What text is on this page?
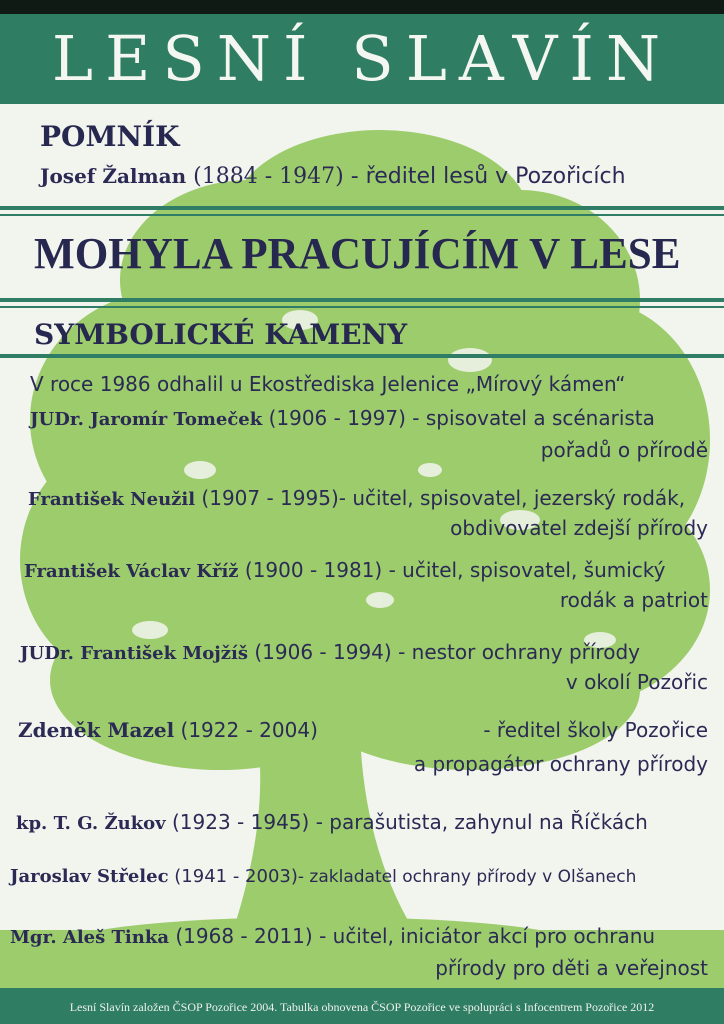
LESNÍ SLAVÍN
POMNÍK
Josef Žalman (1884 - 1947) - ředitel lesů v Pozořicích
MOHYLA PRACUJÍCÍM V LESE
SYMBOLICKÉ KAMENY
V roce 1986 odhalil u Ekostřediska Jelenice „Mírový kámen“
JUDr. Jaromír Tomeček (1906 - 1997) - spisovatel a scénarista
pořadů o přírodě
František Neužil (1907 - 1995)- učitel, spisovatel, jezerský rodák,
obdivovatel zdejší přírody
František Václav Kříž (1900 - 1981) - učitel, spisovatel, šumický
rodák a patriot
JUDr. František Mojžíš (1906 - 1994) - nestor ochrany přírody
v okolí Pozořic
Zdeněk Mazel (1922 - 2004)	- ředitel školy Pozořice
a propagátor ochrany přírody
kp. T. G. Žukov (1923 - 1945) - parašutista, zahynul na Říčkách
Jaroslav Střelec (1941 - 2003)- zakladatel ochrany přírody v Olšanech
Mgr. Aleš Tinka (1968 - 2011) - učitel, iniciátor akcí pro ochranu
přírody pro děti a veřejnost
Lesní Slavín založen ČSOP Pozořice 2004. Tabulka obnovena ČSOP Pozořice ve spolupráci s Infocentrem Pozořice 2012
